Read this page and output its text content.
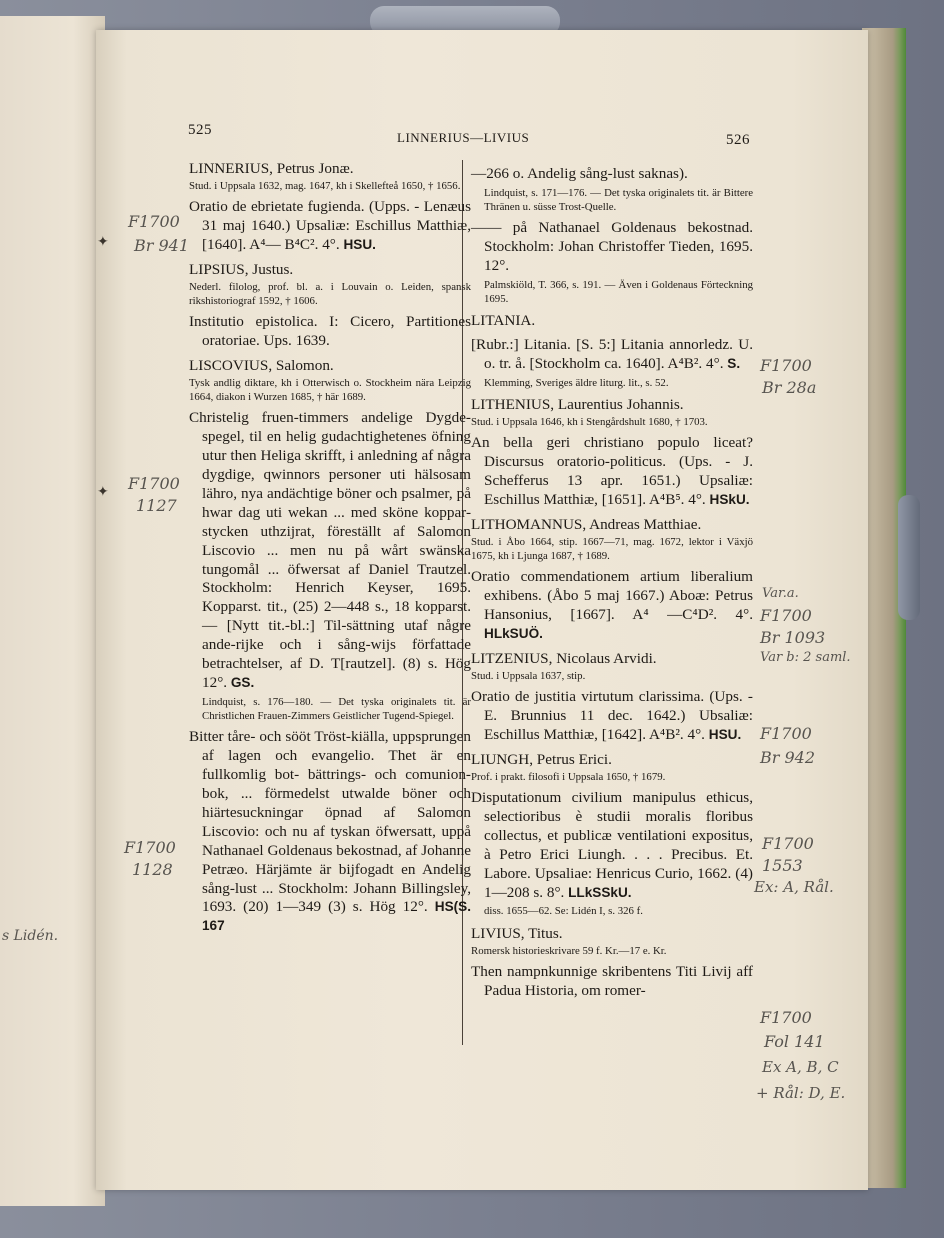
525	LINNERIUS—LIVIUS	526
LINNERIUS, Petrus Jonæ.
Stud. i Uppsala 1632, mag. 1647, kh i Skellefteå 1650, † 1656.
Oratio de ebrietate fugienda. (Upps. - Lenæus 31 maj 1640.) Upsaliæ: Eschillus Matthiæ, [1640]. A⁴— B⁴C². 4°. HSU.
LIPSIUS, Justus.
Nederl. filolog, prof. bl. a. i Louvain o. Leiden, spansk rikshistoriograf 1592, † 1606.
Institutio epistolica. I: Cicero, Partitiones oratoriae. Ups. 1639.
LISCOVIUS, Salomon.
Tysk andlig diktare, kh i Otterwisch o. Stockheim nära Leipzig 1664, diakon i Wurzen 1685, † här 1689.
Christelig fruen-timmers andelige Dygde-spegel, til en helig gudachtighetenes öfning utur then Heliga skrifft, i anledning af några dygdige, qwinnors personer uti hälsosam lähro, nya andächtige böner och psalmer, på hwar dag uti wekan ... med sköne koppar-stycken uthzijrat, föreställt af Salomon Liscovio ... men nu på wårt swänska tungomål ... öfwersat af Daniel Trautzel. Stockholm: Henrich Keyser, 1695. Kopparst. tit., (25) 2—448 s., 18 kopparst. — [Nytt tit.-bl.:] Til-sättning utaf någre ande-rijke och i sång-wijs författade betrachtelser, af D. T[rautzel]. (8) s. Hög 12°. GS.
Lindquist, s. 176—180. — Det tyska originalets tit. är Christlichen Frauen-Zimmers Geistlicher Tugend-Spiegel.
Bitter tåre- och sööt Tröst-kiälla, uppsprungen af lagen och evangelio. Thet är en fullkomlig bot- bättrings- och comunion-bok, ... förmedelst utwalde böner och hiärtesuckningar öpnad af Salomon Liscovio: och nu af tyskan öfwersatt, uppå Nathanael Goldenaus bekostnad, af Johanne Petræo. Härjämte är bijfogadt en Andelig sång-lust ... Stockholm: Johann Billingsley, 1693. (20) 1—349 (3) s. Hög 12°. HS(S. 167
—266 o. Andelig sång-lust saknas).
Lindquist, s. 171—176. — Det tyska originalets tit. är Bittere Thränen u. süsse Trost-Quelle.
—— på Nathanael Goldenaus bekostnad. Stockholm: Johan Christoffer Tieden, 1695. 12°.
Palmskiöld, T. 366, s. 191. — Även i Goldenaus Förteckning 1695.
LITANIA.
[Rubr.:] Litania. [S. 5:] Litania annorledz. U. o. tr. å. [Stockholm ca. 1640]. A⁴B². 4°. S.
Klemming, Sveriges äldre liturg. lit., s. 52.
LITHENIUS, Laurentius Johannis.
Stud. i Uppsala 1646, kh i Stengårdshult 1680, † 1703.
An bella geri christiano populo liceat? Discursus oratorio-politicus. (Ups. - J. Schefferus 13 apr. 1651.) Upsaliæ: Eschillus Matthiæ, [1651]. A⁴B⁵. 4°. HSkU.
LITHOMANNUS, Andreas Matthiae.
Stud. i Åbo 1664, stip. 1667—71, mag. 1672, lektor i Växjö 1675, kh i Ljunga 1687, † 1689.
Oratio commendationem artium liberalium exhibens. (Åbo 5 maj 1667.) Aboæ: Petrus Hansonius, [1667]. A⁴ —C⁴D². 4°. HLkSUÖ.
LITZENIUS, Nicolaus Arvidi.
Stud. i Uppsala 1637, stip.
Oratio de justitia virtutum clarissima. (Ups. - E. Brunnius 11 dec. 1642.) Ubsaliæ: Eschillus Matthiæ, [1642]. A⁴B². 4°. HSU.
LIUNGH, Petrus Erici.
Prof. i prakt. filosofi i Uppsala 1650, † 1679.
Disputationum civilium manipulus ethicus, selectioribus è studii moralis floribus collectus, et publicæ ventilationi expositus, à Petro Erici Liungh. . . . Precibus. Et. Labore. Upsaliae: Henricus Curio, 1662. (4) 1—208 s. 8°. LLkSSkU.
diss. 1655—62. Se: Lidén I, s. 326 f.
LIVIUS, Titus.
Romersk historieskrivare 59 f. Kr.—17 e. Kr.
Then nampnkunnige skribentens Titi Livij aff Padua Historia, om romer-
F1700
Br 941
F1700
1127
F1700
1128
s Lidén.
F1700
Br 28a
Var.a.
F1700
Br 1093
Var b: 2 saml.
F1700
Br 942
F1700
1553
Ex: A, Rål.
F1700
Fol 141
Ex A, B, C
+ Rål: D, E.
✦
✦
